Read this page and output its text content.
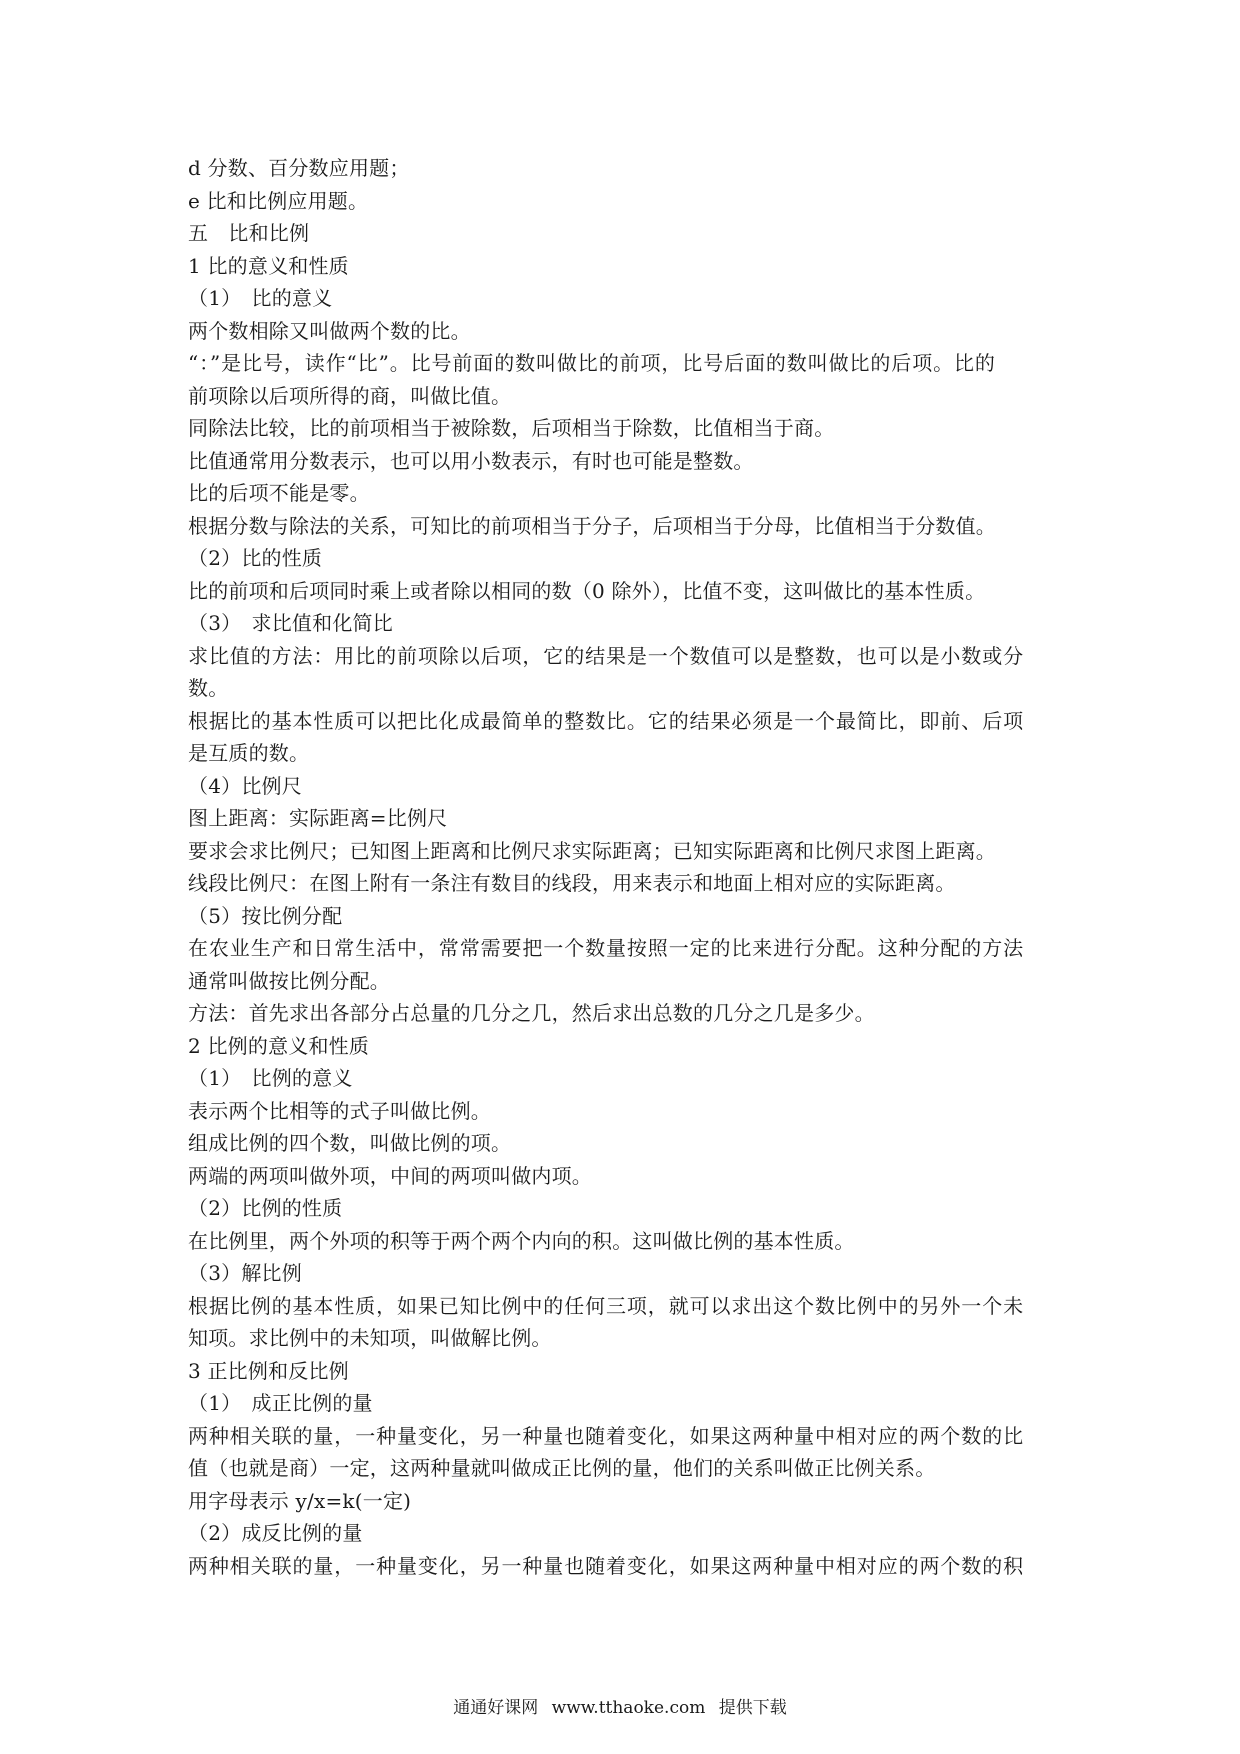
d 分数、百分数应用题；
e 比和比例应用题。
五　比和比例
1 比的意义和性质
（1）　比的意义
两个数相除又叫做两个数的比。
“：”是比号，读作“比”。比号前面的数叫做比的前项，比号后面的数叫做比的后项。比的
前项除以后项所得的商，叫做比值。
同除法比较，比的前项相当于被除数，后项相当于除数，比值相当于商。
比值通常用分数表示，也可以用小数表示，有时也可能是整数。
比的后项不能是零。
根据分数与除法的关系，可知比的前项相当于分子，后项相当于分母，比值相当于分数值。
（2）比的性质
比的前项和后项同时乘上或者除以相同的数（0 除外），比值不变，这叫做比的基本性质。
（3）　求比值和化简比
求比值的方法：用比的前项除以后项，它的结果是一个数值可以是整数，也可以是小数或分
数。
根据比的基本性质可以把比化成最简单的整数比。它的结果必须是一个最简比，即前、后项
是互质的数。
（4）比例尺
图上距离：实际距离=比例尺
要求会求比例尺；已知图上距离和比例尺求实际距离；已知实际距离和比例尺求图上距离。
线段比例尺：在图上附有一条注有数目的线段，用来表示和地面上相对应的实际距离。
（5）按比例分配
在农业生产和日常生活中，常常需要把一个数量按照一定的比来进行分配。这种分配的方法
通常叫做按比例分配。
方法：首先求出各部分占总量的几分之几，然后求出总数的几分之几是多少。
2 比例的意义和性质
（1）　比例的意义
表示两个比相等的式子叫做比例。
组成比例的四个数，叫做比例的项。
两端的两项叫做外项，中间的两项叫做内项。
（2）比例的性质
在比例里，两个外项的积等于两个两个内向的积。这叫做比例的基本性质。
（3）解比例
根据比例的基本性质，如果已知比例中的任何三项，就可以求出这个数比例中的另外一个未
知项。求比例中的未知项，叫做解比例。
3 正比例和反比例
（1）　成正比例的量
两种相关联的量，一种量变化，另一种量也随着变化，如果这两种量中相对应的两个数的比
值（也就是商）一定，这两种量就叫做成正比例的量，他们的关系叫做正比例关系。
用字母表示 y/x=k(一定)
（2）成反比例的量
两种相关联的量，一种量变化，另一种量也随着变化，如果这两种量中相对应的两个数的积
通通好课网 www.tthaoke.com 提供下载
